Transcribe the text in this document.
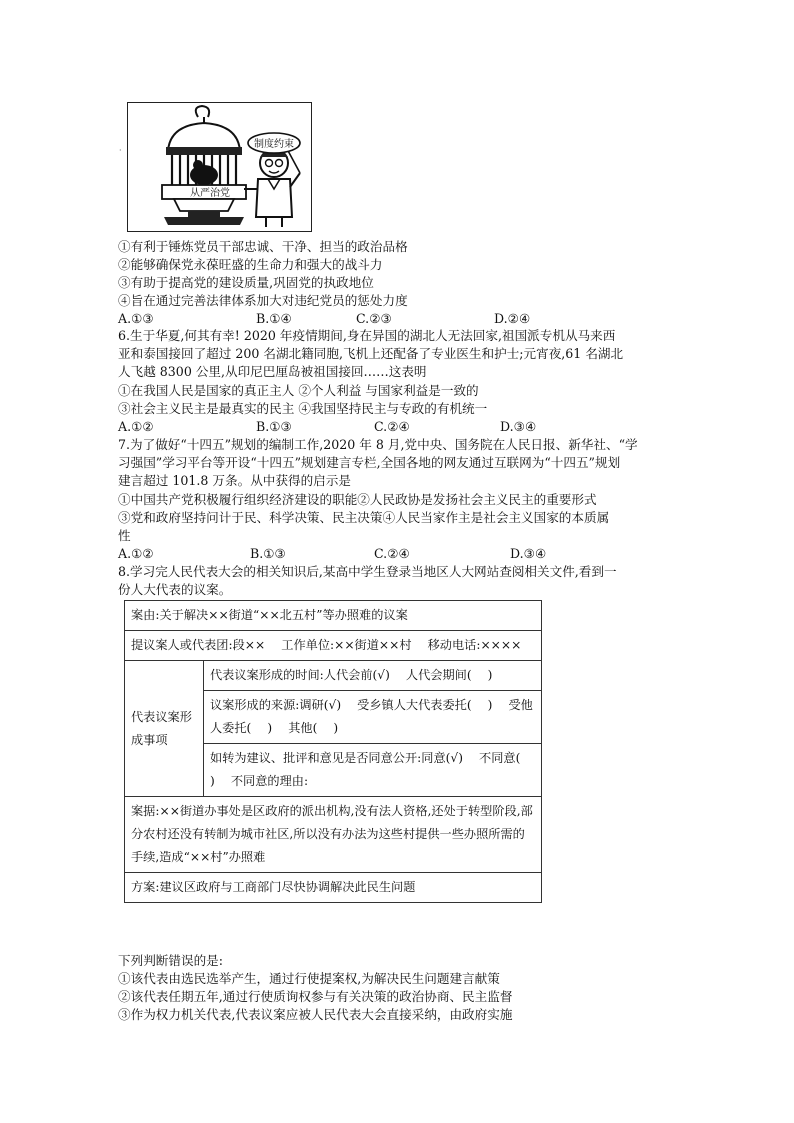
从严治党
制度约束
·
①有利于锤炼党员干部忠诚、干净、担当的政治品格
②能够确保党永葆旺盛的生命力和强大的战斗力
③有助于提高党的建设质量,巩固党的执政地位
④旨在通过完善法律体系加大对违纪党员的惩处力度
A.①③	B.①④	C.②③	D.②④
6.生于华夏,何其有幸! 2020 年疫情期间,身在异国的湖北人无法回家,祖国派专机从马来西
亚和泰国接回了超过 200 名湖北籍同胞,飞机上还配备了专业医生和护士;元宵夜,61 名湖北
人飞越 8300 公里,从印尼巴厘岛被祖国接回……这表明
①在我国人民是国家的真正主人 ②个人利益 与国家利益是一致的
③社会主义民主是最真实的民主 ④我国坚持民主与专政的有机统一
A.①②	B.①③	C.②④	D.③④
7.为了做好“十四五”规划的编制工作,2020 年 8 月,党中央、国务院在人民日报、新华社、“学
习强国”学习平台等开设“十四五”规划建言专栏,全国各地的网友通过互联网为“十四五”规划
建言超过 101.8 万条。从中获得的启示是
①中国共产党积极履行组织经济建设的职能②人民政协是发扬社会主义民主的重要形式
③党和政府坚持问计于民、科学决策、民主决策④人民当家作主是社会主义国家的本质属
性
A.①②	B.①③	C.②④	D.③④
8.学习完人民代表大会的相关知识后,某高中学生登录当地区人大网站查阅相关文件,看到一
份人大代表的议案。
案由:关于解决××街道“××北五村”等办照难的议案
提议案人或代表团:段××　 工作单位:××街道××村　 移动电话:××××
代表议案形成事项	代表议案形成的时间:人代会前(√)　 人代会期间(　 )
议案形成的来源:调研(√)　 受乡镇人大代表委托(　 )　 受他人委托(　 )　 其他(　 )
如转为建议、批评和意见是否同意公开:同意(√)　 不同意(　 )　 不同意的理由:
案据:××街道办事处是区政府的派出机构,没有法人资格,还处于转型阶段,部分农村还没有转制为城市社区,所以没有办法为这些村提供一些办照所需的手续,造成“××村”办照难
方案:建议区政府与工商部门尽快协调解决此民生问题
下列判断错误的是:
①该代表由选民选举产生，通过行使提案权,为解决民生问题建言献策
②该代表任期五年,通过行使质询权参与有关决策的政治协商、民主监督
③作为权力机关代表,代表议案应被人民代表大会直接采纳，由政府实施
